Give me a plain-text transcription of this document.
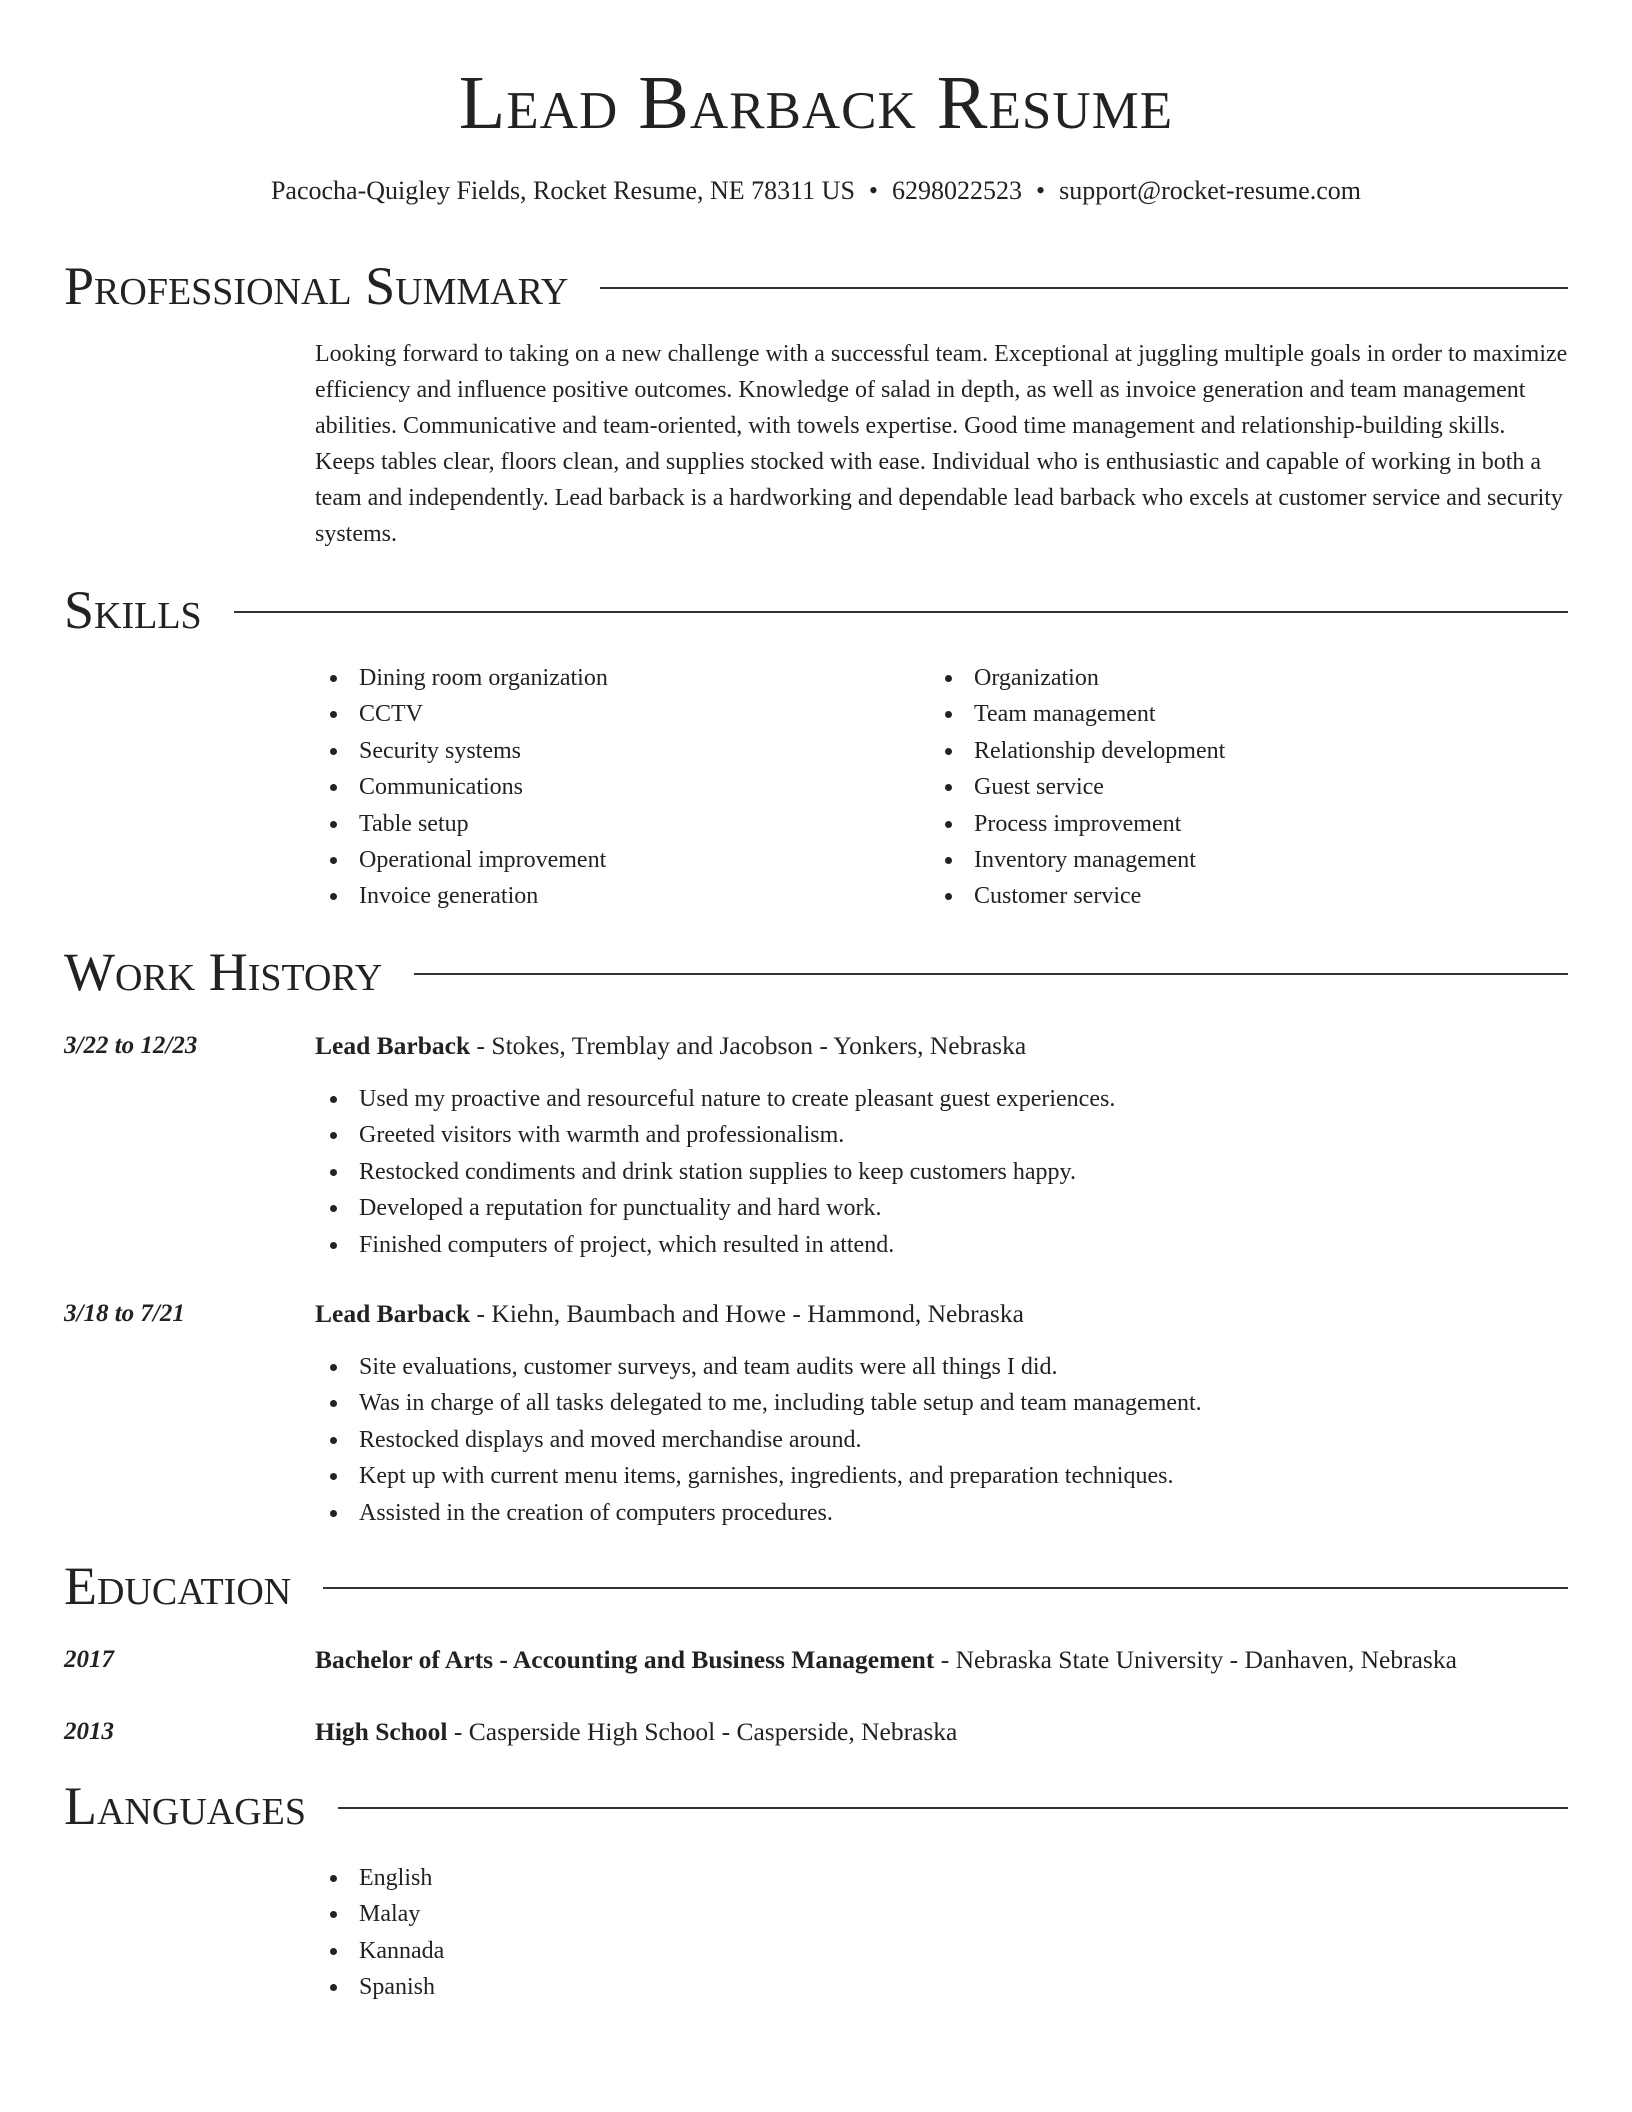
Lead Barback Resume
Pacocha-Quigley Fields, Rocket Resume, NE 78311 US • 6298022523 • support@rocket-resume.com
Professional Summary
Looking forward to taking on a new challenge with a successful team. Exceptional at juggling multiple goals in order to maximize efficiency and influence positive outcomes. Knowledge of salad in depth, as well as invoice generation and team management abilities. Communicative and team-oriented, with towels expertise. Good time management and relationship-building skills. Keeps tables clear, floors clean, and supplies stocked with ease. Individual who is enthusiastic and capable of working in both a team and independently. Lead barback is a hardworking and dependable lead barback who excels at customer service and security systems.
Skills
Dining room organization
CCTV
Security systems
Communications
Table setup
Operational improvement
Invoice generation
Organization
Team management
Relationship development
Guest service
Process improvement
Inventory management
Customer service
Work History
3/22 to 12/23	Lead Barback - Stokes, Tremblay and Jacobson - Yonkers, Nebraska
Used my proactive and resourceful nature to create pleasant guest experiences.
Greeted visitors with warmth and professionalism.
Restocked condiments and drink station supplies to keep customers happy.
Developed a reputation for punctuality and hard work.
Finished computers of project, which resulted in attend.
3/18 to 7/21	Lead Barback - Kiehn, Baumbach and Howe - Hammond, Nebraska
Site evaluations, customer surveys, and team audits were all things I did.
Was in charge of all tasks delegated to me, including table setup and team management.
Restocked displays and moved merchandise around.
Kept up with current menu items, garnishes, ingredients, and preparation techniques.
Assisted in the creation of computers procedures.
Education
2017	Bachelor of Arts - Accounting and Business Management - Nebraska State University - Danhaven, Nebraska
2013	High School - Casperside High School - Casperside, Nebraska
Languages
English
Malay
Kannada
Spanish
